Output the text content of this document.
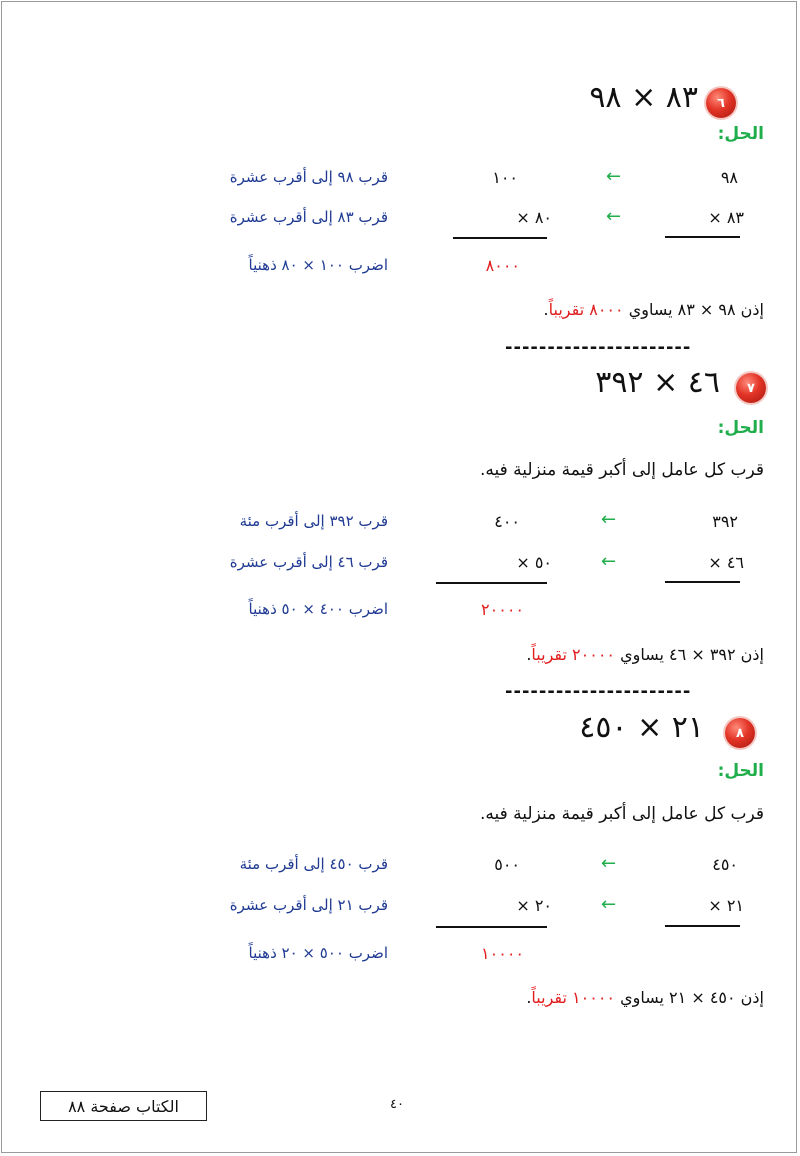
٦
٨٣ × ٩٨
الحل:
٩٨
←
١٠٠
قرب ٩٨ إلى أقرب عشرة
٨٣ ×
←
٨٠ ×
قرب ٨٣ إلى أقرب عشرة
٨٠٠٠
اضرب ١٠٠ × ٨٠ ذهنياً
إذن ٩٨ × ٨٣ يساوي ٨٠٠٠ تقريباً.
----------------------
٧
٤٦ × ٣٩٢
الحل:
قرب كل عامل إلى أكبر قيمة منزلية فيه.
٣٩٢
←
٤٠٠
قرب ٣٩٢ إلى أقرب مئة
٤٦ ×
←
٥٠ ×
قرب ٤٦ إلى أقرب عشرة
٢٠٠٠٠
اضرب ٤٠٠ × ٥٠ ذهنياً
إذن ٣٩٢ × ٤٦ يساوي ٢٠٠٠٠ تقريباً.
----------------------
٨
٢١ × ٤٥٠
الحل:
قرب كل عامل إلى أكبر قيمة منزلية فيه.
٤٥٠
←
٥٠٠
قرب ٤٥٠ إلى أقرب مئة
٢١ ×
←
٢٠ ×
قرب ٢١ إلى أقرب عشرة
١٠٠٠٠
اضرب ٥٠٠ × ٢٠ ذهنياً
إذن ٤٥٠ × ٢١ يساوي ١٠٠٠٠ تقريباً.
الكتاب صفحة ٨٨	٤٠
